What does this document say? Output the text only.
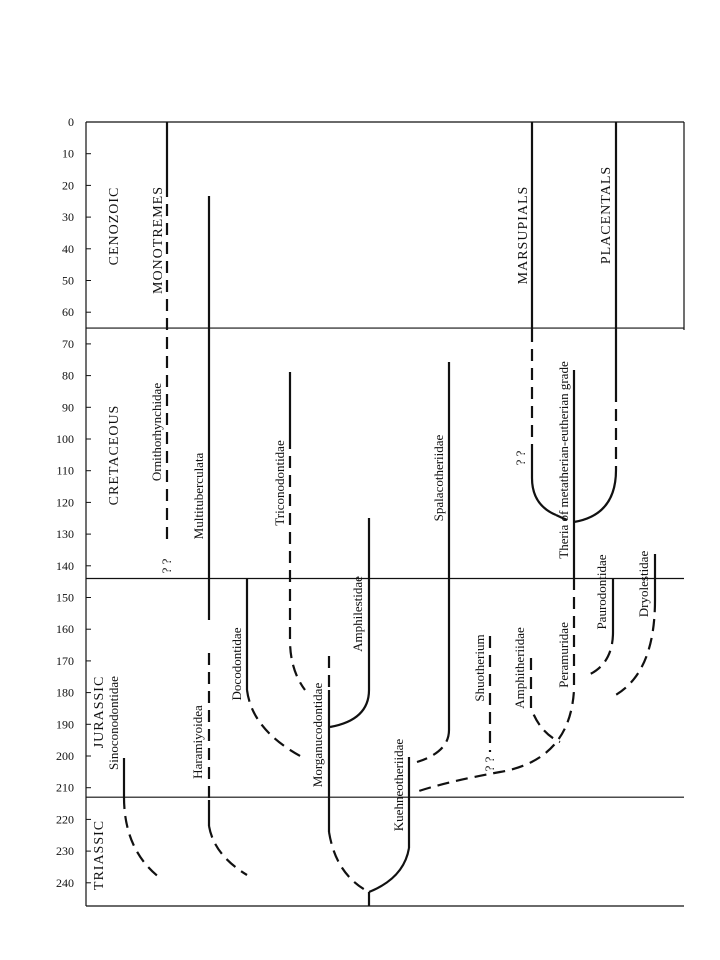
0
10
20
30
40
50
60
70
80
90
100
110
120
130
140
150
160
170
180
190
200
210
220
230
240
CENOZOIC
CRETACEOUS
JURASSIC
TRIASSIC
MONOTREMES	MARSUPIALS	PLACENTALS
Ornithorhynchidae
Multituberculata	Triconodontidae	Spalacotheriidae	Theria of metatherian-eutherian grade
Paurodontidae Dryolestidae
Amphilestidae
Docodontidae
Sinoconodontidae	Haramiyoidea	Morganucodontidae	Kuehneotheriidae
Shuotherium Amphitheriidae Peramuridae
? ?
? ?
? ?
